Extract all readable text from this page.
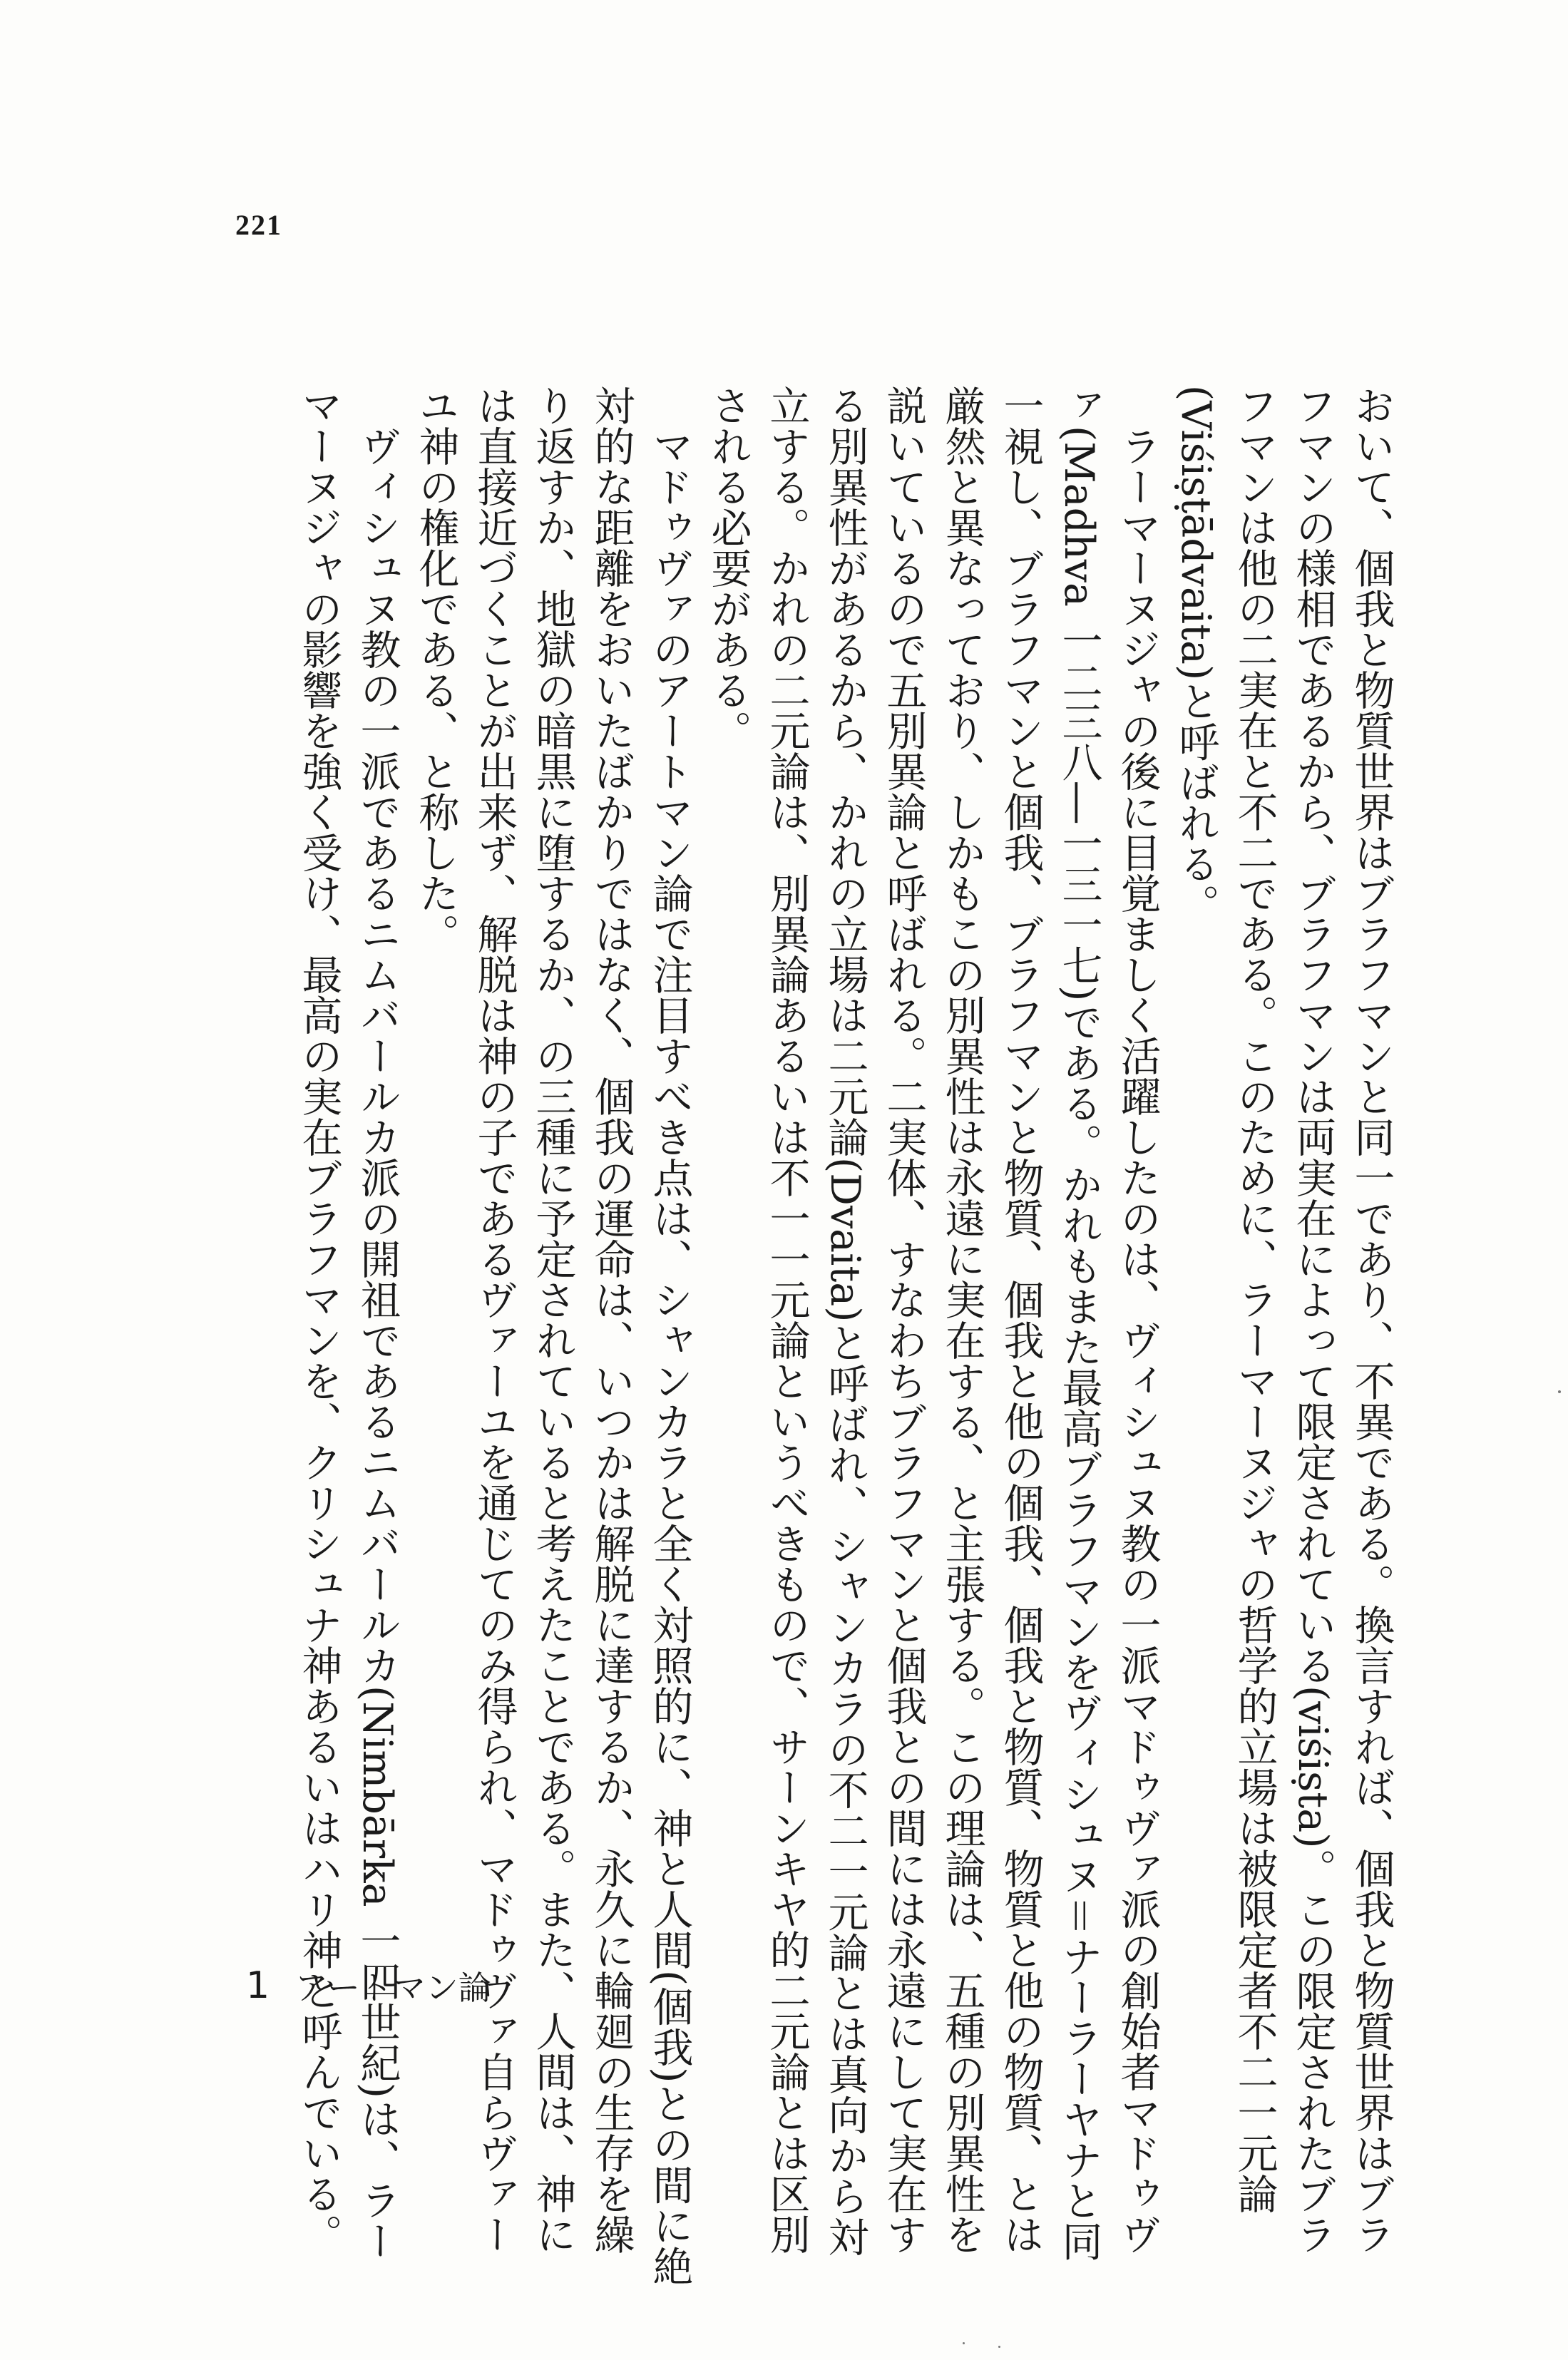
221

おいて、個我と物質世界はブラフマンと同一であり、不異である。換言すれば、個我と物質世界はブラフマンの様相であるから、ブラフマンは両実在によって限定されている(viśiṣta)。この限定されたブラフマンは他の二実在と不二である。このために、ラーマーヌジャの哲学的立場は被限定者不二一元論(Viśiṣṭādvaita)と呼ばれる。

ラーマーヌジャの後に目覚ましく活躍したのは、ヴィシュヌ教の一派マドゥヴァ派の創始者マドゥヴァ(Madhva 一二三八―一三一七)である。かれもまた最高ブラフマンをヴィシュヌ＝ナーラーヤナと同一視し、ブラフマンと個我、ブラフマンと物質、個我と他の個我、個我と物質、物質と他の物質、とは厳然と異なっており、しかもこの別異性は永遠に実在する、と主張する。この理論は、五種の別異性を説いているので五別異論と呼ばれる。二実体、すなわちブラフマンと個我との間には永遠にして実在する別異性があるから、かれの立場は二元論(Dvaita)と呼ばれ、シャンカラの不二一元論とは真向から対立する。かれの二元論は、別異論あるいは不一一元論というべきもので、サーンキヤ的二元論とは区別される必要がある。

マドゥヴァのアートマン論で注目すべき点は、シャンカラと全く対照的に、神と人間(個我)との間に絶対的な距離をおいたばかりではなく、個我の運命は、いつかは解脱に達するか、永久に輪廻の生存を繰り返すか、地獄の暗黒に堕するか、の三種に予定されていると考えたことである。また、人間は、神には直接近づくことが出来ず、解脱は神の子であるヴァーユを通じてのみ得られ、マドゥヴァ自らヴァーユ神の権化である、と称した。

ヴィシュヌ教の一派であるニムバールカ派の開祖であるニムバールカ(Nimbārka 一四世紀)は、ラーマーヌジャの影響を強く受け、最高の実在ブラフマンを、クリシュナ神あるいはハリ神と呼んでいる。

1 アートマン論
